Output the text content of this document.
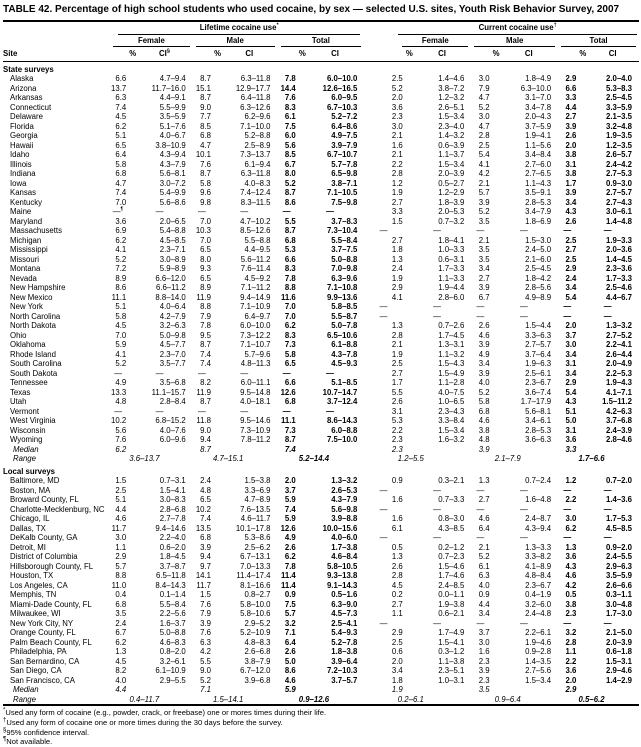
TABLE 42. Percentage of high school students who used cocaine, by sex — selected U.S. sites, Youth Risk Behavior Survey, 2007

	Lifetime cocaine use*						Current cocaine use†

	Female		Male		Total		Female		Male		Total	

Site	%	CI§	%	CI	%	CI	%	CI	%	CI	%	CI
State surveys												
Alaska	6.6	4.7–9.4	8.7	6.3–11.8	7.8	6.0–10.0	2.5	1.4–4.6	3.0	1.8–4.9	2.9	2.0–4.0
Arizona	13.7	11.7–16.0	15.1	12.9–17.7	14.4	12.6–16.5	5.2	3.8–7.2	7.9	6.3–10.0	6.6	5.3–8.3
Arkansas	6.3	4.4–9.1	8.7	6.4–11.8	7.6	6.0–9.5	2.0	1.2–3.2	4.7	3.1–7.0	3.3	2.5–4.5
Connecticut	7.4	5.5–9.9	9.0	6.3–12.6	8.3	6.7–10.3	3.6	2.6–5.1	5.2	3.4–7.8	4.4	3.3–5.9
Delaware	4.5	3.5–5.9	7.7	6.2–9.6	6.1	5.2–7.2	2.3	1.5–3.4	3.0	2.0–4.3	2.7	2.1–3.5
Florida	6.2	5.1–7.6	8.5	7.1–10.0	7.5	6.4–8.6	3.0	2.3–4.0	4.7	3.7–5.9	3.9	3.2–4.8
Georgia	5.1	4.0–6.7	6.8	5.2–8.8	6.0	4.9–7.5	2.1	1.4–3.2	2.8	1.9–4.1	2.6	1.9–3.5
Hawaii	6.5	3.8–10.9	4.7	2.5–8.9	5.6	3.9–7.9	1.6	0.6–3.9	2.5	1.1–5.6	2.0	1.2–3.5
Idaho	6.4	4.3–9.4	10.1	7.3–13.7	8.5	6.7–10.7	2.1	1.1–3.7	5.4	3.4–8.4	3.8	2.6–5.7
Illinois	5.8	4.3–7.9	7.6	6.1–9.4	6.7	5.7–7.8	2.2	1.5–3.4	4.1	2.7–6.0	3.1	2.4–4.2
Indiana	6.8	5.6–8.1	8.7	6.3–11.8	8.0	6.5–9.8	2.8	2.0–3.9	4.2	2.7–6.5	3.8	2.7–5.3
Iowa	4.7	3.0–7.2	5.8	4.0–8.3	5.2	3.8–7.1	1.2	0.5–2.7	2.1	1.1–4.3	1.7	0.9–3.0
Kansas	7.4	5.4–9.9	9.6	7.4–12.4	8.7	7.1–10.5	1.9	1.2–2.9	5.7	3.5–9.1	3.9	2.7–5.7
Kentucky	7.0	5.6–8.6	9.8	8.3–11.5	8.6	7.5–9.8	2.7	1.8–3.9	3.9	2.8–5.3	3.4	2.7–4.3
Maine	—¶	—	—	—	—	—	3.3	2.0–5.3	5.2	3.4–7.9	4.3	3.0–6.1
Maryland	3.6	2.0–6.5	7.0	4.7–10.2	5.5	3.7–8.3	1.5	0.7–3.2	3.5	1.8–6.9	2.6	1.4–4.8
Massachusetts	6.9	5.4–8.8	10.3	8.5–12.6	8.7	7.3–10.4	—	—	—	—	—	—
Michigan	6.2	4.5–8.5	7.0	5.5–8.8	6.8	5.5–8.4	2.7	1.8–4.1	2.1	1.5–3.0	2.5	1.9–3.3
Mississippi	4.1	2.3–7.1	6.5	4.4–9.5	5.3	3.7–7.5	1.8	1.0–3.3	3.5	2.4–5.0	2.7	2.0–3.6
Missouri	5.2	3.0–8.9	8.0	5.6–11.2	6.6	5.0–8.8	1.3	0.6–3.1	3.5	2.1–6.0	2.5	1.4–4.5
Montana	7.2	5.9–8.9	9.3	7.6–11.4	8.3	7.0–9.8	2.4	1.7–3.3	3.4	2.5–4.5	2.9	2.3–3.6
Nevada	8.9	6.6–12.0	6.5	4.5–9.2	7.8	6.3–9.6	1.9	1.1–3.3	2.7	1.8–4.2	2.4	1.7–3.3
New Hampshire	8.6	6.6–11.2	8.9	7.1–11.2	8.8	7.1–10.8	2.9	1.9–4.4	3.9	2.8–5.6	3.4	2.5–4.6
New Mexico	11.1	8.8–14.0	11.9	9.4–14.9	11.6	9.9–13.6	4.1	2.8–6.0	6.7	4.9–8.9	5.4	4.4–6.7
New York	5.1	4.0–6.4	8.8	7.1–10.9	7.0	5.8–8.5	—	—	—	—	—	—
North Carolina	5.8	4.2–7.9	7.9	6.4–9.7	7.0	5.5–8.7	—	—	—	—	—	—
North Dakota	4.5	3.2–6.3	7.8	6.0–10.0	6.2	5.0–7.8	1.3	0.7–2.6	2.6	1.5–4.4	2.0	1.3–3.2
Ohio	7.0	5.0–9.8	9.5	7.3–12.2	8.3	6.5–10.6	2.8	1.7–4.5	4.6	3.3–6.3	3.7	2.7–5.2
Oklahoma	5.9	4.5–7.7	8.7	7.1–10.7	7.3	6.1–8.8	2.1	1.3–3.1	3.9	2.7–5.7	3.0	2.2–4.1
Rhode Island	4.1	2.3–7.0	7.4	5.7–9.6	5.8	4.3–7.8	1.9	1.1–3.2	4.9	3.7–6.4	3.4	2.6–4.4
South Carolina	5.2	3.5–7.7	7.4	4.8–11.3	6.5	4.5–9.3	2.5	1.5–4.3	3.4	1.9–6.3	3.1	2.0–4.9
South Dakota	—	—	—	—	—	—	2.7	1.5–4.9	3.9	2.5–6.1	3.4	2.2–5.3
Tennessee	4.9	3.5–6.8	8.2	6.0–11.1	6.6	5.1–8.5	1.7	1.1–2.8	4.0	2.3–6.7	2.9	1.9–4.3
Texas	13.3	11.1–15.7	11.9	9.5–14.8	12.6	10.7–14.7	5.5	4.0–7.5	5.2	3.6–7.4	5.4	4.1–7.1
Utah	4.8	2.8–8.4	8.7	4.0–18.1	6.8	3.7–12.4	2.6	1.0–6.5	5.8	1.7–17.9	4.3	1.5–11.2
Vermont	—	—	—	—	—	—	3.1	2.3–4.3	6.8	5.6–8.1	5.1	4.2–6.3
West Virginia	10.2	6.8–15.2	11.8	9.5–14.6	11.1	8.6–14.3	5.3	3.3–8.4	4.6	3.4–6.1	5.0	3.7–6.8
Wisconsin	5.6	4.0–7.6	9.0	7.3–10.9	7.3	6.0–8.8	2.2	1.5–3.4	3.8	2.8–5.3	3.1	2.4–3.9
Wyoming	7.6	6.0–9.6	9.4	7.8–11.2	8.7	7.5–10.0	2.3	1.6–3.2	4.8	3.6–6.3	3.6	2.8–4.6
Median	6.2		8.7		7.4		2.3		3.9		3.3	
Range	3.6–13.7		4.7–15.1		5.2–14.4		1.2–5.5		2.1–7.9		1.7–6.6	
Local surveys												
Baltimore, MD	1.5	0.7–3.1	2.4	1.5–3.8	2.0	1.3–3.2	0.9	0.3–2.1	1.3	0.7–2.4	1.2	0.7–2.0
Boston, MA	2.5	1.5–4.1	4.8	3.3–6.9	3.7	2.6–5.3	—	—	—	—	—	—
Broward County, FL	5.1	3.0–8.3	6.5	4.7–8.9	5.9	4.3–7.9	1.6	0.7–3.3	2.7	1.6–4.8	2.2	1.4–3.6
Charlotte-Mecklenburg, NC	4.4	2.8–6.8	10.2	7.6–13.5	7.4	5.6–9.8	—	—	—	—	—	—
Chicago, IL	4.6	2.7–7.8	7.4	4.6–11.7	5.9	3.9–8.8	1.6	0.8–3.0	4.6	2.4–8.7	3.0	1.7–5.3
Dallas, TX	11.7	9.4–14.6	13.5	10.1–17.8	12.6	10.0–15.6	6.1	4.3–8.5	6.4	4.3–9.4	6.2	4.5–8.5
DeKalb County, GA	3.0	2.2–4.0	6.8	5.3–8.6	4.9	4.0–6.0	—	—	—	—	—	—
Detroit, MI	1.1	0.6–2.0	3.9	2.5–6.2	2.6	1.7–3.8	0.5	0.2–1.2	2.1	1.3–3.3	1.3	0.9–2.0
District of Columbia	2.9	1.8–4.5	9.4	6.7–13.1	6.2	4.6–8.4	1.3	0.7–2.3	5.2	3.3–8.2	3.6	2.4–5.5
Hillsborough County, FL	5.7	3.7–8.7	9.7	7.0–13.3	7.8	5.8–10.5	2.6	1.5–4.6	6.1	4.1–8.9	4.3	2.9–6.3
Houston, TX	8.8	6.5–11.8	14.1	11.4–17.4	11.4	9.3–13.8	2.8	1.7–4.6	6.3	4.8–8.4	4.6	3.5–5.9
Los Angeles, CA	11.0	8.4–14.3	11.7	8.1–16.6	11.4	9.1–14.3	4.5	2.4–8.5	4.0	2.3–6.7	4.2	2.6–6.6
Memphis, TN	0.4	0.1–1.4	1.5	0.8–2.7	0.9	0.5–1.6	0.2	0.0–1.1	0.9	0.4–1.9	0.5	0.3–1.1
Miami-Dade County, FL	6.8	5.5–8.4	7.6	5.8–10.0	7.5	6.3–9.0	2.7	1.9–3.8	4.4	3.2–6.0	3.8	3.0–4.8
Milwaukee, WI	3.5	2.2–5.6	7.9	5.8–10.6	5.7	4.5–7.3	1.1	0.6–2.1	3.4	2.4–4.8	2.3	1.7–3.0
New York City, NY	2.4	1.6–3.7	3.9	2.9–5.2	3.2	2.5–4.1	—	—	—	—	—	—
Orange County, FL	6.7	5.0–8.8	7.6	5.2–10.9	7.1	5.4–9.3	2.9	1.7–4.9	3.7	2.2–6.1	3.2	2.1–5.0
Palm Beach County, FL	6.2	4.6–8.3	6.3	4.8–8.3	6.4	5.2–7.8	2.5	1.5–4.1	3.0	1.9–4.6	2.8	2.0–3.9
Philadelphia, PA	1.3	0.8–2.0	4.2	2.6–6.8	2.6	1.8–3.8	0.6	0.3–1.2	1.6	0.9–2.8	1.1	0.6–1.8
San Bernardino, CA	4.5	3.2–6.1	5.5	3.8–7.9	5.0	3.9–6.4	2.0	1.1–3.8	2.3	1.4–3.5	2.2	1.5–3.1
San Diego, CA	8.2	6.1–10.9	9.0	6.7–12.0	8.6	7.2–10.3	3.4	2.3–5.1	3.9	2.7–5.6	3.6	2.9–4.6
San Francisco, CA	4.0	2.9–5.5	5.2	3.9–6.8	4.6	3.7–5.7	1.8	1.0–3.1	2.3	1.5–3.4	2.0	1.4–2.9
Median	4.4		7.1		5.9		1.9		3.5		2.9	
Range	0.4–11.7		1.5–14.1		0.9–12.6		0.2–6.1		0.9–6.4		0.5–6.2	
*Used any form of cocaine (e.g., powder, crack, or freebase) one or mores times during their life.
†Used any form of cocaine one or more times during the 30 days before the survey.
§95% confidence interval.
¶Not available.
